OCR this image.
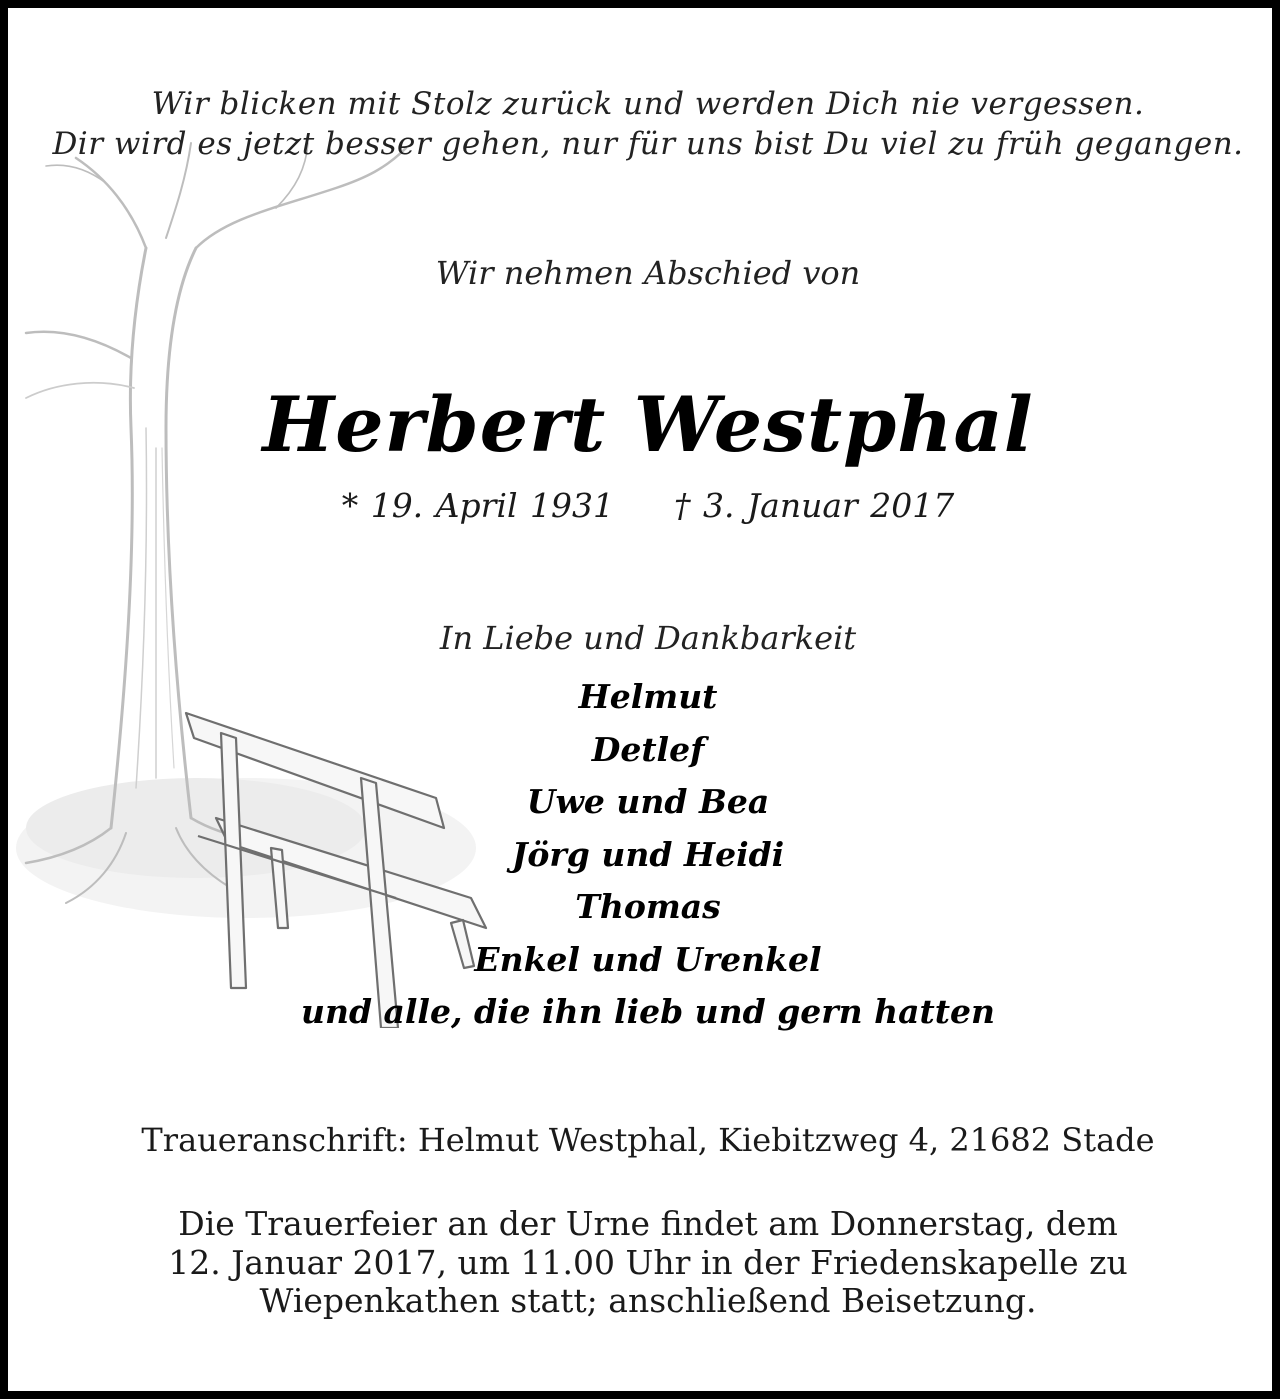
Wir blicken mit Stolz zurück und werden Dich nie vergessen.
Dir wird es jetzt besser gehen, nur für uns bist Du viel zu früh gegangen.
Wir nehmen Abschied von
Herbert Westphal
* 19. April 1931 † 3. Januar 2017
In Liebe und Dankbarkeit
Helmut
Detlef
Uwe und Bea
Jörg und Heidi
Thomas
Enkel und Urenkel
und alle, die ihn lieb und gern hatten
Traueranschrift: Helmut Westphal, Kiebitzweg 4, 21682 Stade
Die Trauerfeier an der Urne findet am Donnerstag, dem
12. Januar 2017, um 11.00 Uhr in der Friedenskapelle zu
Wiepenkathen statt; anschließend Beisetzung.
